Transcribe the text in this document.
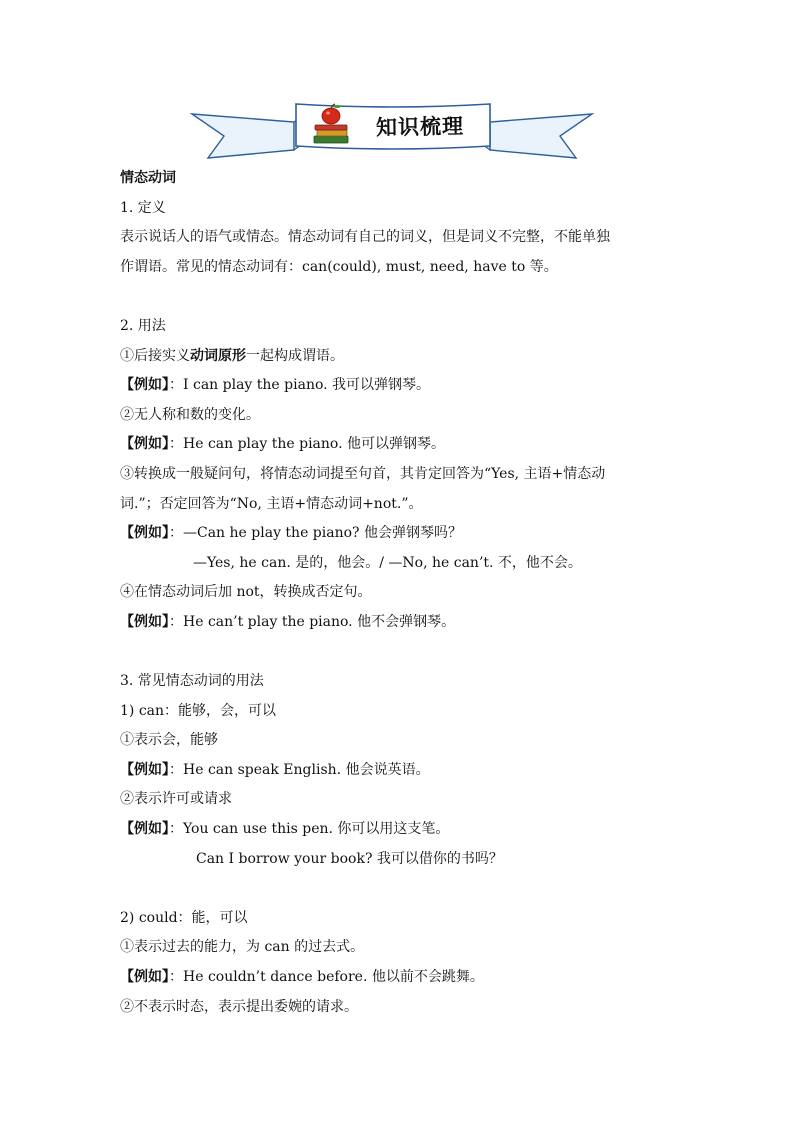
知识梳理
情态动词
1. 定义
表示说话人的语气或情态。情态动词有自己的词义，但是词义不完整，不能单独
作谓语。常见的情态动词有：can(could), must, need, have to 等。
2. 用法
①后接实义动词原形一起构成谓语。
【例如】：I can play the piano. 我可以弹钢琴。
②无人称和数的变化。
【例如】：He can play the piano. 他可以弹钢琴。
③转换成一般疑问句，将情态动词提至句首，其肯定回答为“Yes, 主语+情态动
词.”；否定回答为“No, 主语+情态动词+not.”。
【例如】：—Can he play the piano? 他会弹钢琴吗？
—Yes, he can. 是的，他会。/ —No, he can’t. 不，他不会。
④在情态动词后加 not，转换成否定句。
【例如】：He can’t play the piano. 他不会弹钢琴。
3. 常见情态动词的用法
1) can：能够，会，可以
①表示会，能够
【例如】：He can speak English. 他会说英语。
②表示许可或请求
【例如】：You can use this pen. 你可以用这支笔。
Can I borrow your book? 我可以借你的书吗？
2) could：能，可以
①表示过去的能力，为 can 的过去式。
【例如】：He couldn’t dance before. 他以前不会跳舞。
②不表示时态，表示提出委婉的请求。
